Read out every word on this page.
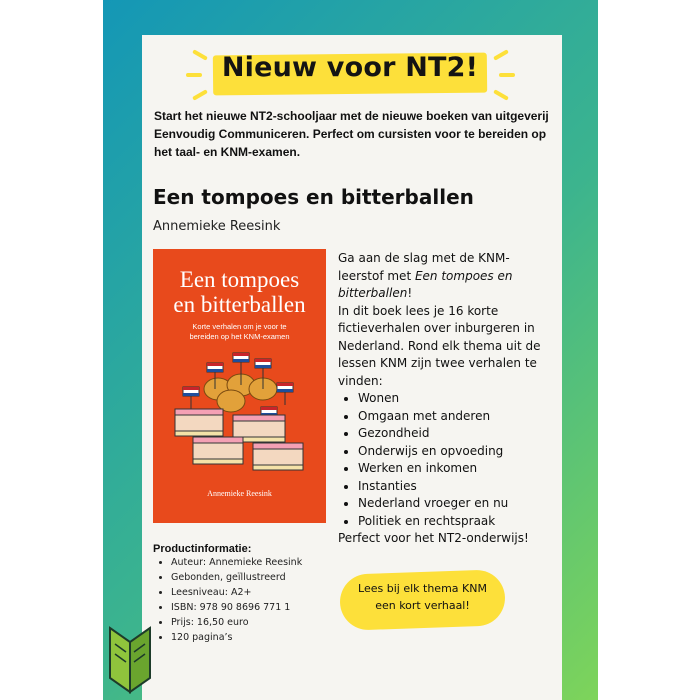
Nieuw voor NT2!
Start het nieuwe NT2-schooljaar met de nieuwe boeken van uitgeverij Eenvoudig Communiceren. Perfect om cursisten voor te bereiden op het taal- en KNM-examen.
Een tompoes en bitterballen
Annemieke Reesink
Een tompoes
en bitterballen
Korte verhalen om je voor te
bereiden op het KNM-examen
Annemieke Reesink
Ga aan de slag met de KNM-leerstof met Een tompoes en bitterballen!
In dit boek lees je 16 korte fictieverhalen over inburgeren in Nederland. Rond elk thema uit de lessen KNM zijn twee verhalen te vinden:
• Wonen
• Omgaan met anderen
• Gezondheid
• Onderwijs en opvoeding
• Werken en inkomen
• Instanties
• Nederland vroeger en nu
• Politiek en rechtspraak
Perfect voor het NT2-onderwijs!
Productinformatie:
• Auteur: Annemieke Reesink
• Gebonden, geïllustreerd
• Leesniveau: A2+
• ISBN: 978 90 8696 771 1
• Prijs: 16,50 euro
• 120 pagina’s
Lees bij elk thema KNM
een kort verhaal!
